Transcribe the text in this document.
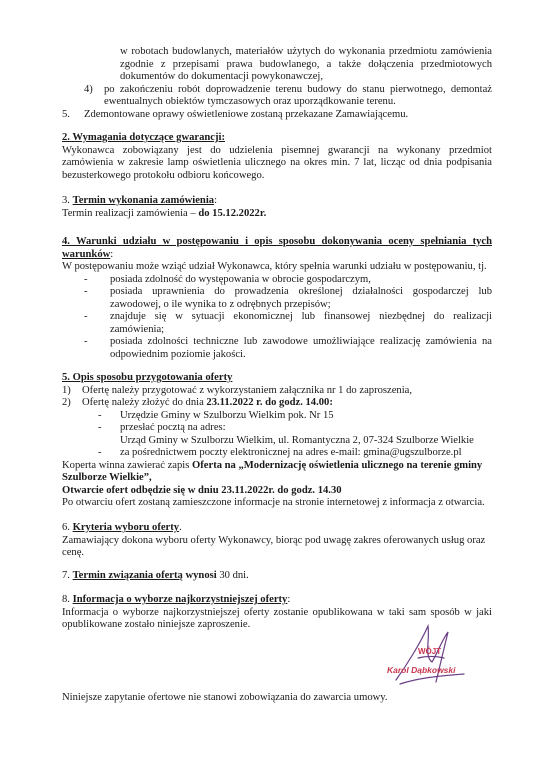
w robotach budowlanych, materiałów użytych do wykonania przedmiotu zamówienia zgodnie z przepisami prawa budowlanego, a także dołączenia przedmiotowych dokumentów do dokumentacji powykonawczej,

4)	po zakończeniu robót doprowadzenie terenu budowy do stanu pierwotnego, demontaż ewentualnych obiektów tymczasowych oraz uporządkowanie terenu.
5.	Zdemontowane oprawy oświetleniowe zostaną przekazane Zamawiającemu.

2. Wymagania dotyczące gwarancji:

Wykonawca zobowiązany jest do udzielenia pisemnej gwarancji na wykonany przedmiot zamówienia w zakresie lamp oświetlenia ulicznego na okres min. 7 lat, licząc od dnia podpisania bezusterkowego protokołu odbioru końcowego.

3. Termin wykonania zamówienia:

Termin realizacji zamówienia – do 15.12.2022r.

4. Warunki udziału w postępowaniu i opis sposobu dokonywania oceny spełniania tych warunków:

W postępowaniu może wziąć udział Wykonawca, który spełnia warunki udziału w postępowaniu, tj.

-	posiada zdolność do występowania w obrocie gospodarczym,
-	posiada uprawnienia do prowadzenia określonej działalności gospodarczej lub zawodowej, o ile wynika to z odrębnych przepisów;
-	znajduje się w sytuacji ekonomicznej lub finansowej niezbędnej do realizacji zamówienia;
-	posiada zdolności techniczne lub zawodowe umożliwiające realizację zamówienia na odpowiednim poziomie jakości.

5. Opis sposobu przygotowania oferty

1)	Ofertę należy przygotować z wykorzystaniem załącznika nr 1 do zaproszenia,
2)	Ofertę należy złożyć do dnia 23.11.2022 r. do godz. 14.00:
-	Urzędzie Gminy w Szulborzu Wielkim pok. Nr 15
-	przesłać pocztą na adres:

Urząd Gminy w Szulborzu Wielkim, ul. Romantyczna 2, 07-324 Szulborze Wielkie

-	za pośrednictwem poczty elektronicznej na adres e-mail: gmina@ugszulborze.pl

Koperta winna zawierać zapis Oferta na „Modernizację oświetlenia ulicznego na terenie gminy Szulborze Wielkie”,

Otwarcie ofert odbędzie się w dniu 23.11.2022r. do godz. 14.30

Po otwarciu ofert zostaną zamieszczone informacje na stronie internetowej z informacja z otwarcia.

6. Kryteria wyboru oferty.

Zamawiający dokona wyboru oferty Wykonawcy, biorąc pod uwagę zakres oferowanych usług oraz cenę.

7. Termin związania ofertą wynosi 30 dni.

8. Informacja o wyborze najkorzystniejszej oferty:

Informacja o wyborze najkorzystniejszej oferty zostanie opublikowana w taki sam sposób w jaki opublikowane zostało niniejsze zaproszenie.

WÓJT
Karol Dąbkowski

Niniejsze zapytanie ofertowe nie stanowi zobowiązania do zawarcia umowy.
